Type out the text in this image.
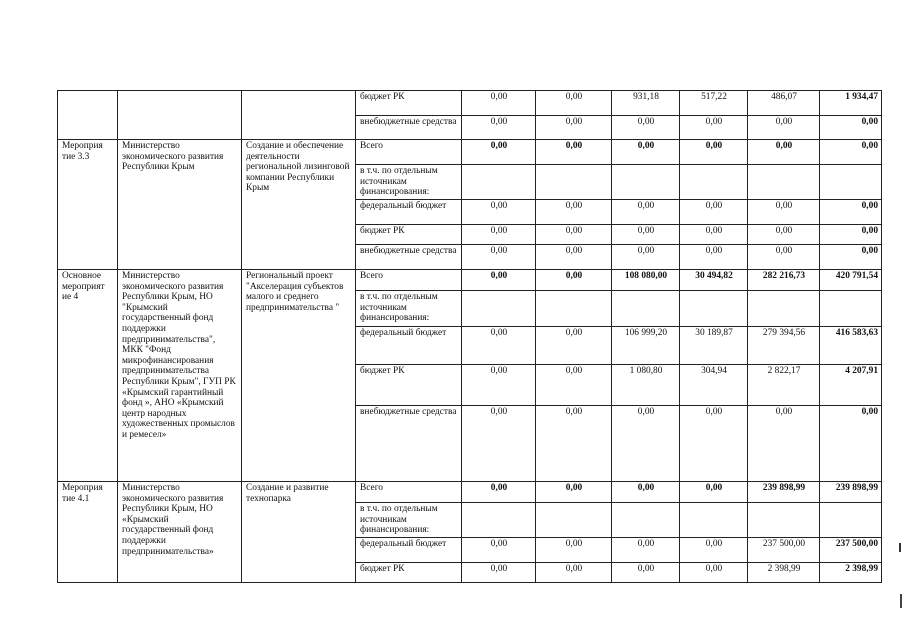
			бюджет РК	0,00	0,00	931,18	517,22	486,07	1 934,47
			внебюджетные средства	0,00	0,00	0,00	0,00	0,00	0,00
Мероприя тие 3.3	Министерство экономического развития Республики Крым	Создание и обеспечение деятельности региональной лизинговой компании Республики Крым	Всего	0,00	0,00	0,00	0,00	0,00	0,00
			в т.ч. по отдельным источникам финансирования:						
			федеральный бюджет	0,00	0,00	0,00	0,00	0,00	0,00
			бюджет РК	0,00	0,00	0,00	0,00	0,00	0,00
			внебюджетные средства	0,00	0,00	0,00	0,00	0,00	0,00
Основное мероприят ие 4	Министерство экономического развития Республики Крым, НО "Крымский государственный фонд поддержки предпринимательства", МКК "Фонд микрофинансирования предпринимательства Республики Крым", ГУП РК «Крымский гарантийный фонд », АНО «Крымский центр народных художественных промыслов и ремесел»	Региональный проект "Акселерация субъектов малого и среднего предпринимательства "	Всего	0,00	0,00	108 080,00	30 494,82	282 216,73	420 791,54
			в т.ч. по отдельным источникам финансирования:						
			федеральный бюджет	0,00	0,00	106 999,20	30 189,87	279 394,56	416 583,63
			бюджет РК	0,00	0,00	1 080,80	304,94	2 822,17	4 207,91
			внебюджетные средства	0,00	0,00	0,00	0,00	0,00	0,00
Мероприя тие 4.1	Министерство экономического развития Республики Крым, НО «Крымский государственный фонд поддержки предпринимательства»	Создание и развитие технопарка	Всего	0,00	0,00	0,00	0,00	239 898,99	239 898,99
			в т.ч. по отдельным источникам финансирования:						
			федеральный бюджет	0,00	0,00	0,00	0,00	237 500,00	237 500,00
			бюджет РК	0,00	0,00	0,00	0,00	2 398,99	2 398,99
